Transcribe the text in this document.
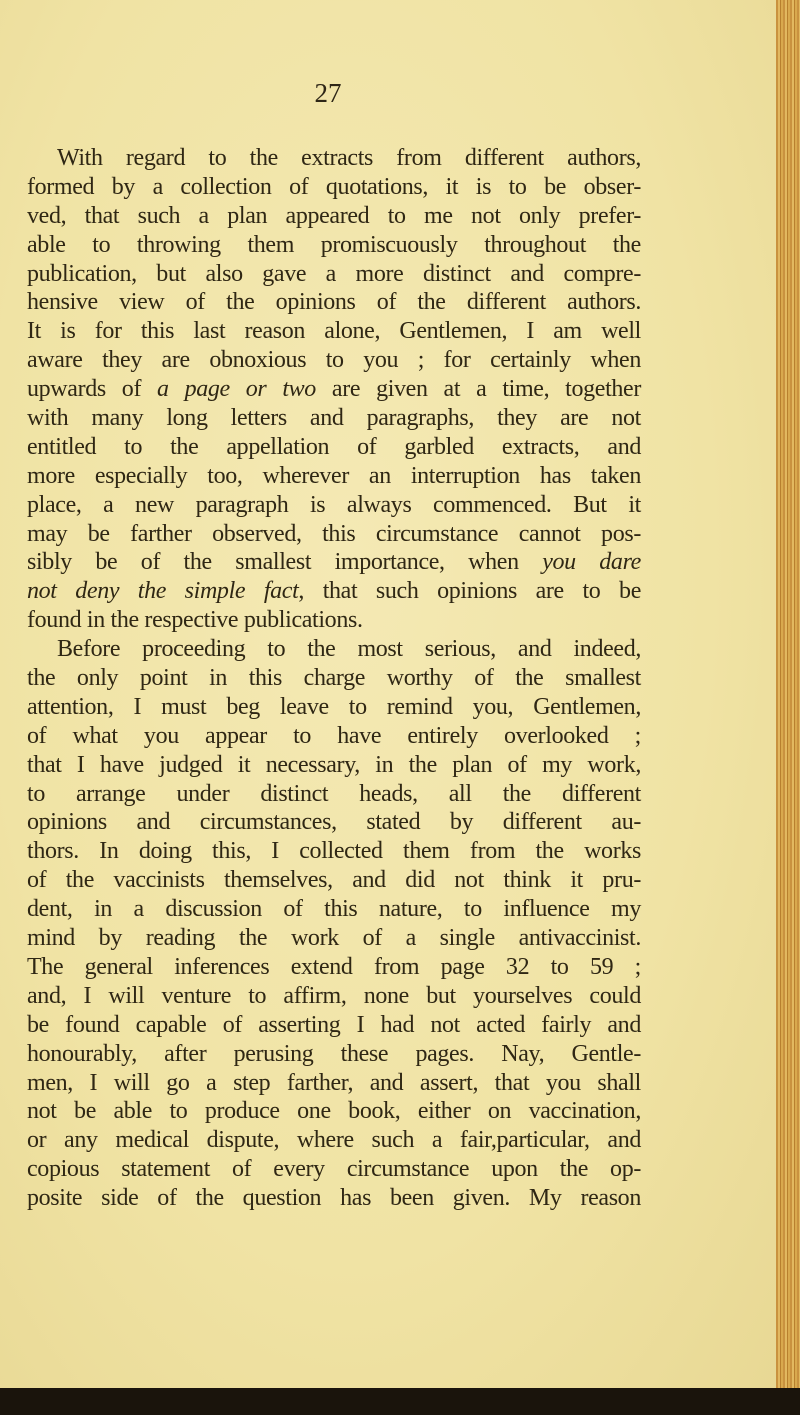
27
With regard to the extracts from different authors,
formed by a collection of quotations, it is to be obser-
ved, that such a plan appeared to me not only prefer-
able to throwing them promiscuously throughout the
publication, but also gave a more distinct and compre-
hensive view of the opinions of the different authors.
It is for this last reason alone, Gentlemen, I am well
aware they are obnoxious to you ; for certainly when
upwards of a page or two are given at a time, together
with many long letters and paragraphs, they are not
entitled to the appellation of garbled extracts, and
more especially too, wherever an interruption has taken
place, a new paragraph is always commenced. But it
may be farther observed, this circumstance cannot pos-
sibly be of the smallest importance, when you dare
not deny the simple fact, that such opinions are to be
found in the respective publications.
Before proceeding to the most serious, and indeed,
the only point in this charge worthy of the smallest
attention, I must beg leave to remind you, Gentlemen,
of what you appear to have entirely overlooked ;
that I have judged it necessary, in the plan of my work,
to arrange under distinct heads, all the different
opinions and circumstances, stated by different au-
thors. In doing this, I collected them from the works
of the vaccinists themselves, and did not think it pru-
dent, in a discussion of this nature, to influence my
mind by reading the work of a single antivaccinist.
The general inferences extend from page 32 to 59 ;
and, I will venture to affirm, none but yourselves could
be found capable of asserting I had not acted fairly and
honourably, after perusing these pages. Nay, Gentle-
men, I will go a step farther, and assert, that you shall
not be able to produce one book, either on vaccination,
or any medical dispute, where such a fair,particular, and
copious statement of every circumstance upon the op-
posite side of the question has been given. My reason
